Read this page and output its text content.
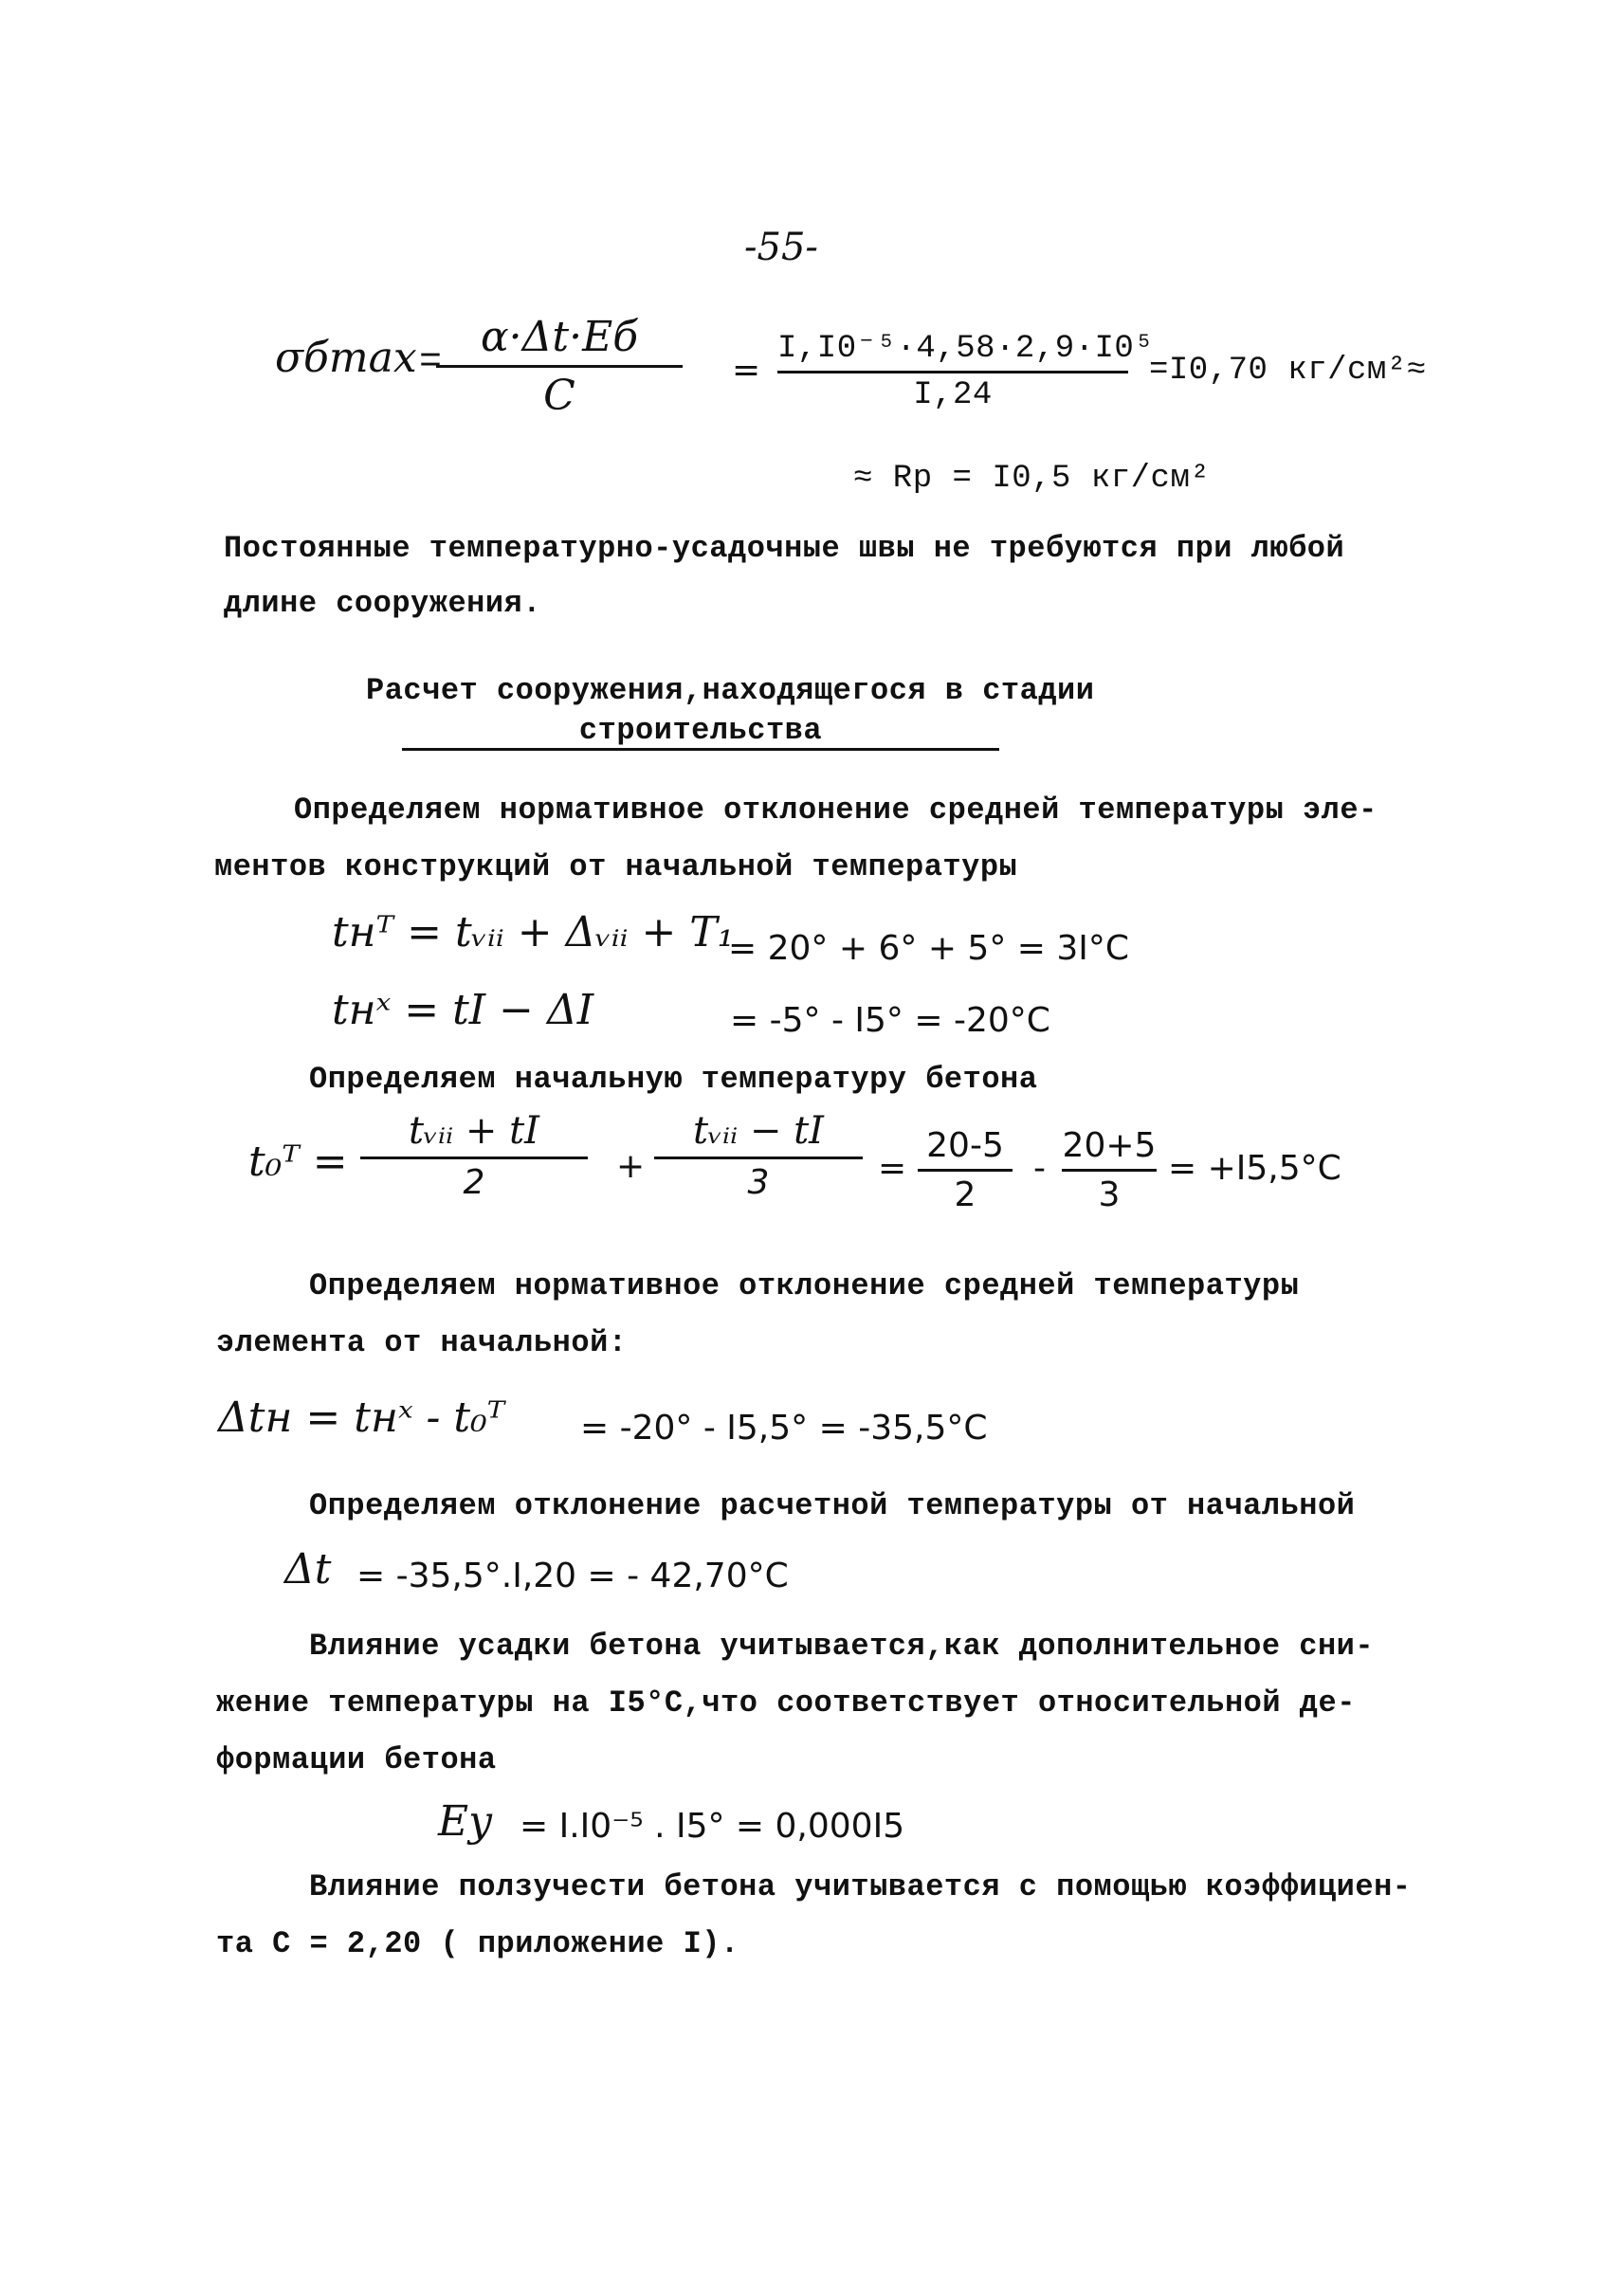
-55-
σбmax =
α·Δt·Eб
C
=
I,I0⁻⁵·4,58·2,9·I0⁵
I,24
=I0,70 кг/см²≈
≈ Rр = I0,5 кг/см²
Постоянные температурно-усадочные швы не требуются при любой
длине сооружения.
Расчет сооружения,находящегося в стадии
строительства
Определяем нормативное отклонение средней температуры эле-
ментов конструкций от начальной температуры
tнᵀ = tᵥᵢᵢ + Δᵥᵢᵢ + T₁
= 20° + 6° + 5° = 3I°C
tнˣ = tI − ΔI	= -5° - I5° = -20°C
Определяем начальную температуру бетона
t₀ᵀ =
tᵥᵢᵢ + tI
2	+
tᵥᵢᵢ − tI
3	=
20-5
2
-
20+5
3
= +I5,5°C
Определяем нормативное отклонение средней температуры
элемента от начальной:
Δtн = tнˣ - t₀ᵀ = -20° - I5,5° = -35,5°C
Определяем отклонение расчетной температуры от начальной
Δt = -35,5°.I,20 = - 42,70°C
Влияние усадки бетона учитывается,как дополнительное сни-
жение температуры на I5°C,что соответствует относительной де-
формации бетона
Eу = I.I0⁻⁵ . I5° = 0,000I5
Влияние ползучести бетона учитывается с помощью коэффициен-
та C = 2,20 ( приложение I).
